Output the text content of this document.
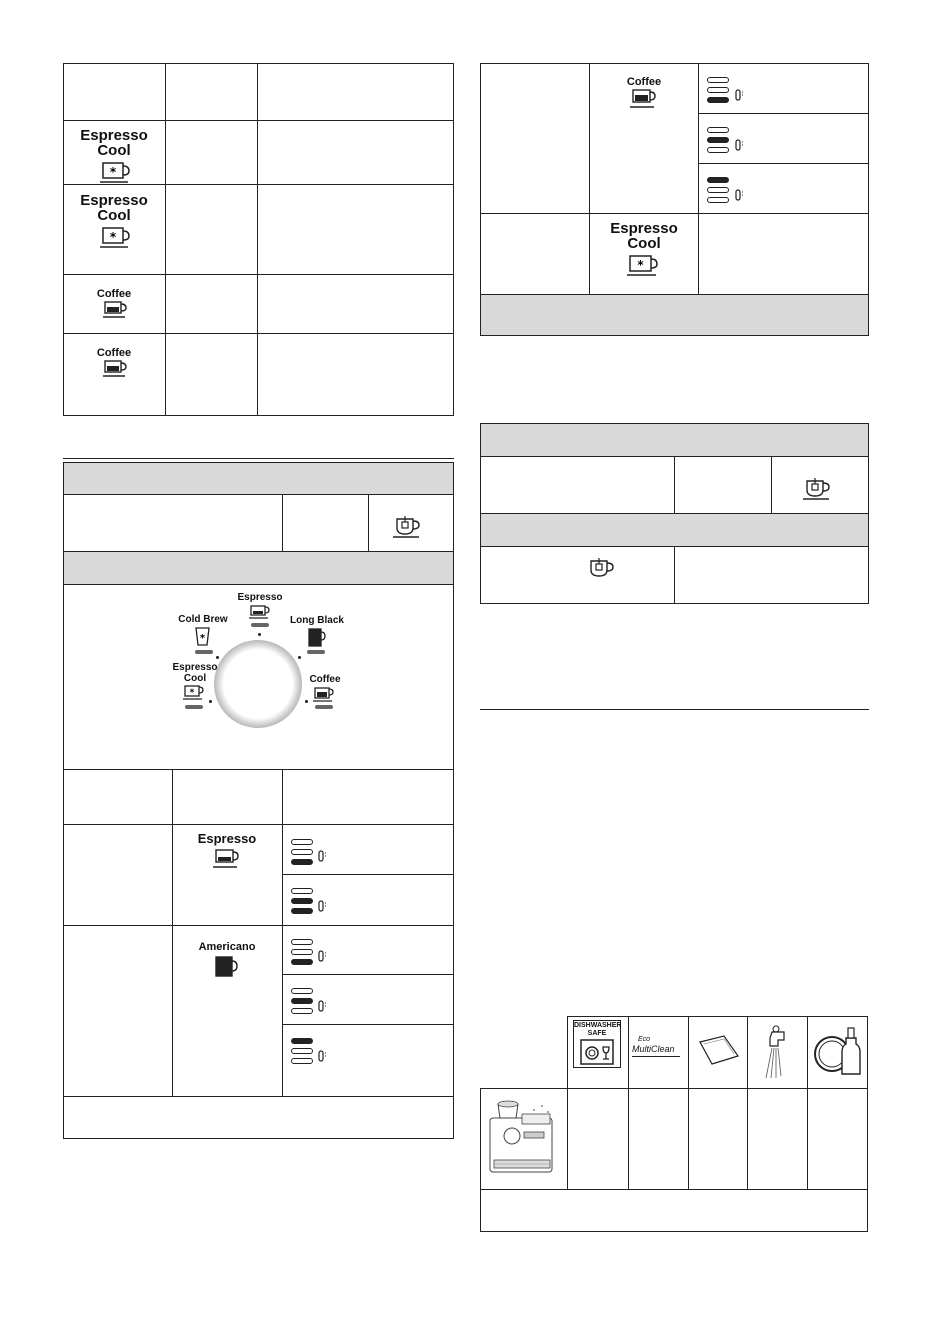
Espresso Cool
*
Espresso Cool
*
Coffee
Coffee
Espresso
Cold Brew
*
Long Black
Espresso Cool
*
Coffee
Espresso
Americano
Coffee
Espresso Cool
*
DISHWASHER SAFE
Eco
MultiClean
